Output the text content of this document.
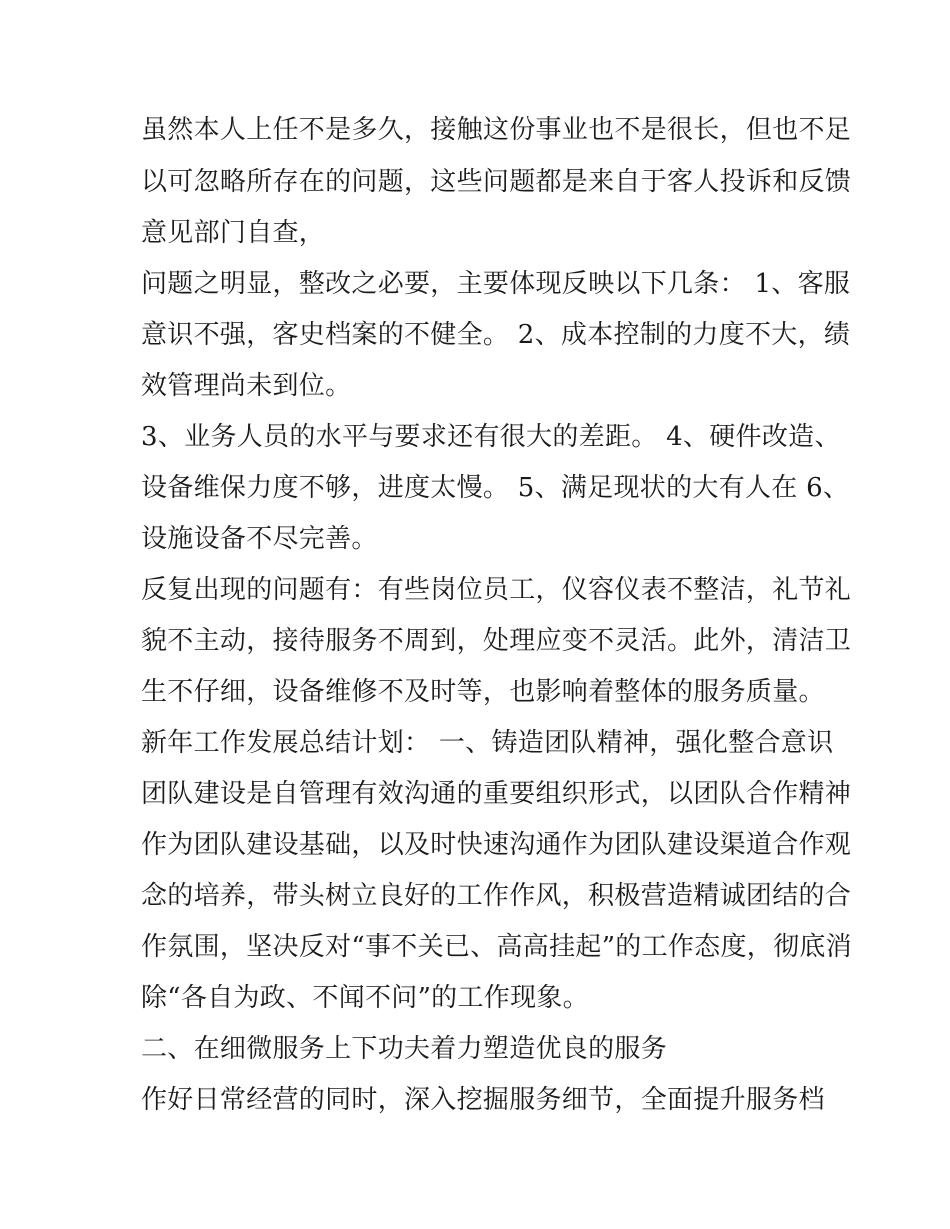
虽然本人上任不是多久，接触这份事业也不是很长，但也不足
以可忽略所存在的问题，这些问题都是来自于客人投诉和反馈
意见部门自查，
问题之明显，整改之必要，主要体现反映以下几条： 1、客服
意识不强，客史档案的不健全。 2、成本控制的力度不大，绩
效管理尚未到位。
3、业务人员的水平与要求还有很大的差距。 4、硬件改造、
设备维保力度不够，进度太慢。 5、满足现状的大有人在 6、
设施设备不尽完善。
反复出现的问题有：有些岗位员工，仪容仪表不整洁，礼节礼
貌不主动，接待服务不周到，处理应变不灵活。此外，清洁卫
生不仔细，设备维修不及时等，也影响着整体的服务质量。
新年工作发展总结计划： 一、铸造团队精神，强化整合意识
团队建设是自管理有效沟通的重要组织形式，以团队合作精神
作为团队建设基础，以及时快速沟通作为团队建设渠道合作观
念的培养，带头树立良好的工作作风，积极营造精诚团结的合
作氛围，坚决反对“事不关已、高高挂起”的工作态度，彻底消
除“各自为政、不闻不问”的工作现象。
二、在细微服务上下功夫着力塑造优良的服务
作好日常经营的同时，深入挖掘服务细节，全面提升服务档
